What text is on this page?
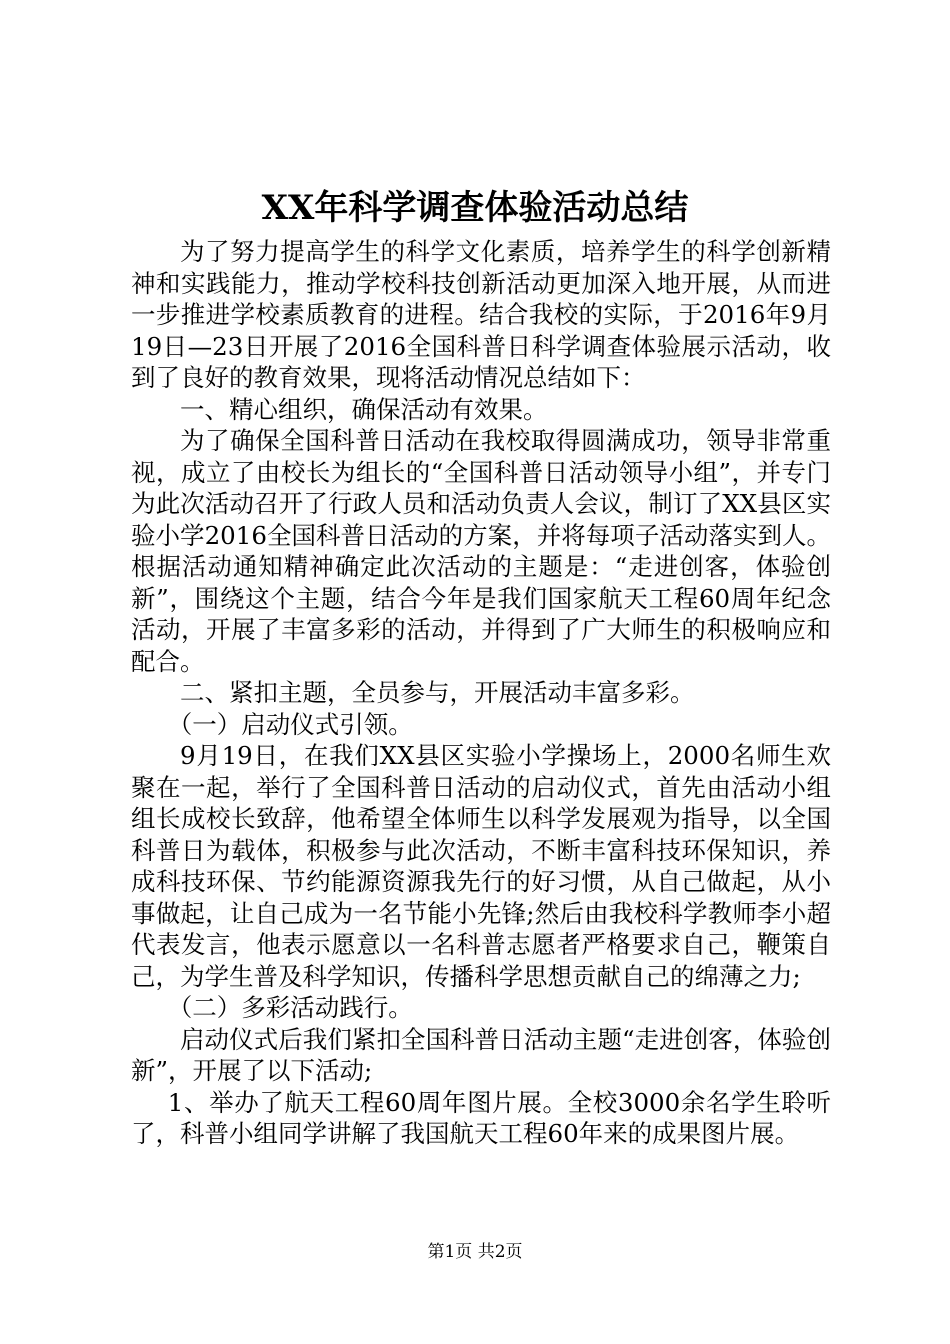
XX年科学调查体验活动总结

为了努力提高学生的科学文化素质，培养学生的科学创新精神和实践能力，推动学校科技创新活动更加深入地开展，从而进一步推进学校素质教育的进程。结合我校的实际，于2016年9月19日—23日开展了2016全国科普日科学调查体验展示活动，收到了良好的教育效果，现将活动情况总结如下：

一、精心组织，确保活动有效果。

为了确保全国科普日活动在我校取得圆满成功，领导非常重视，成立了由校长为组长的“全国科普日活动领导小组”，并专门为此次活动召开了行政人员和活动负责人会议，制订了XX县区实验小学2016全国科普日活动的方案，并将每项子活动落实到人。根据活动通知精神确定此次活动的主题是：“走进创客，体验创新”，围绕这个主题，结合今年是我们国家航天工程60周年纪念活动，开展了丰富多彩的活动，并得到了广大师生的积极响应和配合。

二、紧扣主题，全员参与，开展活动丰富多彩。

（一）启动仪式引领。

9月19日，在我们XX县区实验小学操场上，2000名师生欢聚在一起，举行了全国科普日活动的启动仪式，首先由活动小组组长成校长致辞，他希望全体师生以科学发展观为指导，以全国科普日为载体，积极参与此次活动，不断丰富科技环保知识，养成科技环保、节约能源资源我先行的好习惯，从自己做起，从小事做起，让自己成为一名节能小先锋;然后由我校科学教师李小超代表发言，他表示愿意以一名科普志愿者严格要求自己，鞭策自己，为学生普及科学知识，传播科学思想贡献自己的绵薄之力;

（二）多彩活动践行。

启动仪式后我们紧扣全国科普日活动主题“走进创客，体验创新”，开展了以下活动;

1、举办了航天工程60周年图片展。全校3000余名学生聆听了，科普小组同学讲解了我国航天工程60年来的成果图片展。

第1页 共2页
